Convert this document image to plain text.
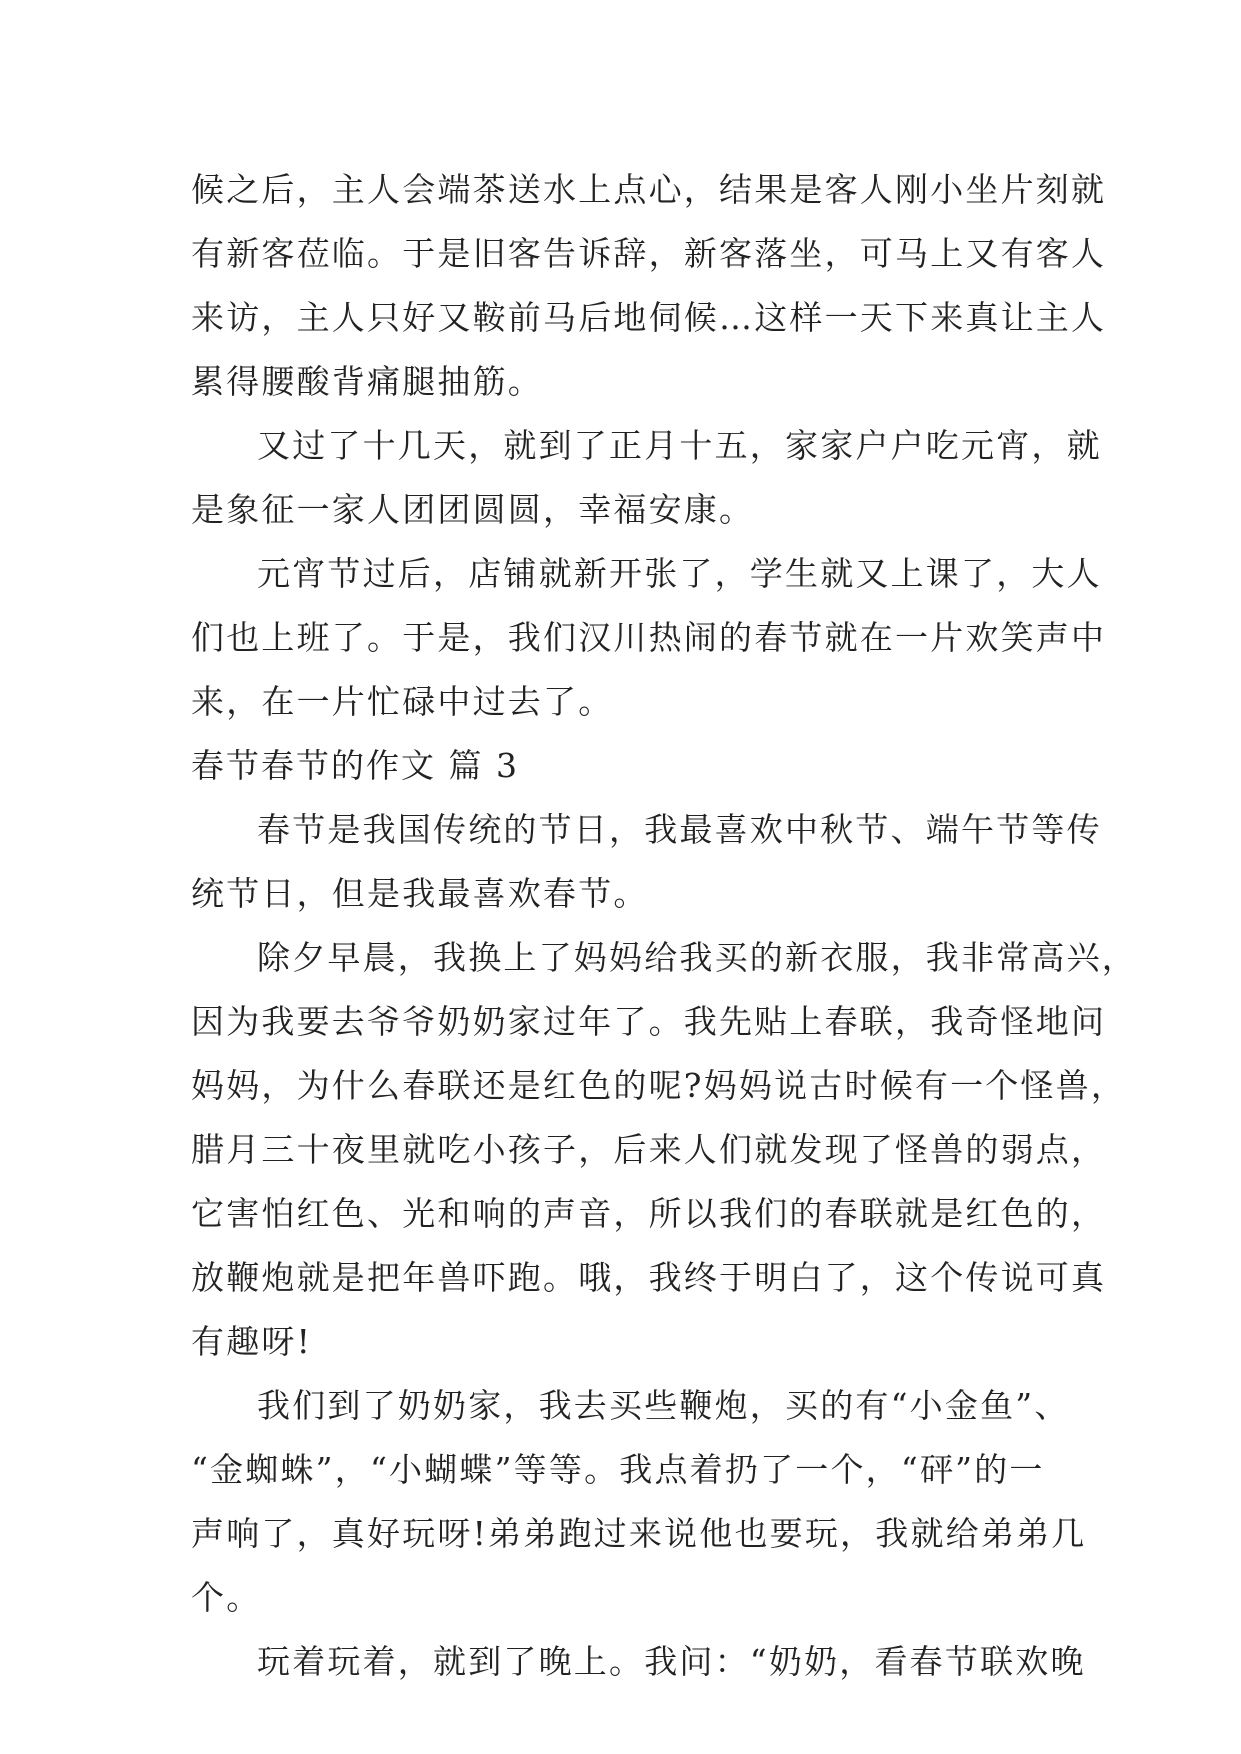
候之后，主人会端茶送水上点心，结果是客人刚小坐片刻就
有新客莅临。于是旧客告诉辞，新客落坐，可马上又有客人
来访，主人只好又鞍前马后地伺候…这样一天下来真让主人
累得腰酸背痛腿抽筋。
又过了十几天，就到了正月十五，家家户户吃元宵，就
是象征一家人团团圆圆，幸福安康。
元宵节过后，店铺就新开张了，学生就又上课了，大人
们也上班了。于是，我们汉川热闹的春节就在一片欢笑声中
来，在一片忙碌中过去了。
春节春节的作文 篇 3
春节是我国传统的节日，我最喜欢中秋节、端午节等传
统节日，但是我最喜欢春节。
除夕早晨，我换上了妈妈给我买的新衣服，我非常高兴，
因为我要去爷爷奶奶家过年了。我先贴上春联，我奇怪地问
妈妈，为什么春联还是红色的呢?妈妈说古时候有一个怪兽，
腊月三十夜里就吃小孩子，后来人们就发现了怪兽的弱点，
它害怕红色、光和响的声音，所以我们的春联就是红色的，
放鞭炮就是把年兽吓跑。哦，我终于明白了，这个传说可真
有趣呀!
我们到了奶奶家，我去买些鞭炮，买的有“小金鱼”、
“金蜘蛛”，“小蝴蝶”等等。我点着扔了一个，“砰”的一
声响了，真好玩呀!弟弟跑过来说他也要玩，我就给弟弟几
个。
玩着玩着，就到了晚上。我问：“奶奶，看春节联欢晚
